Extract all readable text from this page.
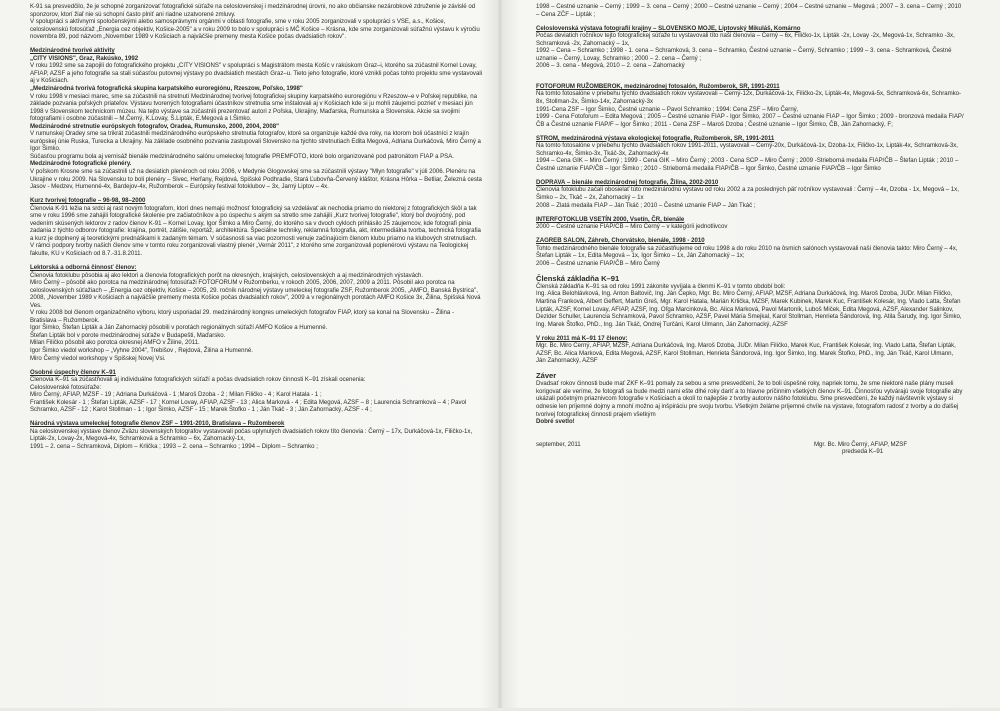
K-91 sa presvedčilo, že je schopné zorganizovať fotografické súťaže na celoslovenskej i medzinárodnej úrovni, no ako občianske nezárobkové združenie je závislé od sponzorov, ktorí žiaľ nie sú schopní často plniť ani riadne uzatvorené zmluvy.

V spolupráci s aktívnymi spoločenskými alebo samosprávnymi orgánmi v oblasti fotografie, sme v roku 2005 zorganizovali v spolupráci s VSE, a.s., Košice, celoslovenskú fotosúťaž „Energia cez objektív, Košice-2005" a v roku 2009 to bolo v spolupráci s MČ Košice – Krásna, kde sme zorganizovali súťažnú výstavu k výročiu novembra 89, pod názvom „November 1989 v Košiciach a najväčšie premeny mesta Košice počas dvadsiatich rokov".

Medzinárodné tvorivé aktivity

„CITY VISIONS", Graz, Rakúsko, 1992

V roku 1992 sme sa zapojili do fotografického projektu „CITY VISIONS" v spolupráci s Magistrátom mesta Košíc v rakúskom Graz–i, ktorého sa zúčastnil Kornel Lovay, AFIAP, AZSF a jeho fotografie sa stali súčasťou putovnej výstavy po dvadsiatich mestách Graz–u. Tieto jeho fotografie, ktoré vznikli počas tohto projektu sme vystavovali aj v Košiciach.

„Medzinárodná tvorivá fotografická skupina karpatského euroregiónu, Rzeszow, Poľsko, 1998"

V roku 1998 v mesiaci marec, sme sa zúčastnili na stretnutí Medzinárodnej tvorivej fotografickej skupiny karpatského euroregiónu v Rzeszow–e v Poľskej republike, na základe pozvania poľských priateľov. Výstavu tvorených fotografiami účastníkov stretnutia sme inštalovali aj v Košiciach kde si ju mohli záujemci pozrieť v mesiaci jún 1998 v Slovenskom technickom múzeu. Na tejto výstave sa zúčastnili prezentovať autori z Poľska, Ukrajiny, Maďarska, Rumunska a Slovenska. Akcie sa svojimi fotografiami i osobne zúčastnili – M.Černý, K.Lovay, Š.Lipták, E.Megová a I.Šimko.

Medzinárodné stretnutie európskych fotografov, Oradea, Rumunsko, 2000, 2004, 2008"

V rumunskej Oradey sme sa trikrát zúčastnili medzinárodného európskeho stretnutia fotografov, ktoré sa organizuje každé dva roky, na ktorom boli účastníci z krajín európskej únie Ruska, Turecka a Ukrajiny. Na základe osobného pozvania zastupovali Slovensko na týchto stretnutiach Edita Megová, Adriana Durkáčová, Miro Černý a Igor Šimko.

Súčasťou programu bola aj vernisáž bienále medzinárodného salónu umeleckej fotografie PREMFOTO, ktoré bolo organizované pod patronátom FIAP a PSA.

Medzinárodné fotografické plenéry.

V poľskom Krosne sme sa zúčastnili už na desiatich plenéroch od roku 2006, v Medynie Glogowskej sme sa zúčastnili výstavy "Mlyn fotografie" v júli 2006. Plenéru na Ukrajine v roku 2009. Na Slovensku to boli plenéry – Sivec, Herľany, Rejdová, Spišské Podhradie, Stará Ľubovňa-Červený kláštor, Krásna Hôrka – Betliar, Železná cesta Jasov - Medzev, Humenné-4x, Bardejov-4x, Ružomberok – Európsky festival fotoklubov – 3x, Jarný Liptov – 4x.

Kurz tvorivej fotografie – 96-98, 98–2000

Členovia K-91 ležia na srdci aj rast novým fotografom, ktorí dnes nemajú možnosť fotografický sa vzdelávať ak nechodia priamo do niektorej z fotografických škôl a tak sme v roku 1996 sme zahájili fotografické školenie pre začiatočníkov a po úspechu s akým sa stretlo sme zahájili „Kurz tvorivej fotografie", ktorý bol dvojročný, pod vedením skúsených lektorov z radov členov K-91 – Kornel Lovay, Igor Šimko a Miro Černý, do ktorého sa v dvoch cykloch prihlásilo 25 záujemcov, kde fotografi pinia zadania z týchto odborov fotografie: krajina, portrét, zátišie, reportáž, architektúra. Špeciálne techniky, reklamná fotografia, akt, intermediálna tvorba, technická fotografia a kurz je doplnený aj teoretickými prednáškami k zadaným témam. V súčasnosti sa viac pozornosti venuje začínajúcim členom klubu priamo na klubových stretnutiach.

V rámci podpory tvorby našich členov sme v tomto roku zorganizovali vlastný plenér „Vernár 2011", z ktorého sme zorganizovali poplenérovú výstavu na Teologickej fakulte, KU v Košiciach od 8.7.-31.8.2011.

Lektorská a odborná činnosť členov:

Členovia fotoklubu pôsobia aj ako lektori a členovia fotografických porôt na okresných, krajských, celoslovenských a aj medzinárodných výstavách.

Miro Černý – pôsobil ako porotca na medzinárodnej fotosúťaži FOTOFORUM v Ružomberku, v rokoch 2005, 2006, 2007, 2009 a 2011. Pôsobil ako porotca na celoslovenských súťažiach – „Energia cez objektív, Košice – 2005, 29. ročník národnej výstavy umeleckej fotografie ZSF, Ružomberok 2005, „AMFO, Banská Bystrica", 2008, „November 1989 v Košiciach a najväčšie premeny mesta Košice počas dvadsiatich rokov", 2009 a v regionálnych porotách AMFO Košice 3x, Žilina, Spišská Nová Ves.

V roku 2008 bol členom organizačného výboru, ktorý usporiadal 29. medzinárodný kongres umeleckých fotografov FIAP, ktorý sa konal na Slovensku – Žilina - Bratislava – Ružomberok.

Igor Šimko, Štefan Lipták a Ján Zahornacký pôsobili v porotách regionálnych súťaží AMFO Košice a Humenné.

Štefan Lipták bol v porote medzinárodnej súťaže v Budapešti, Maďarsko.

Milan Filičko pôsobil ako porotca okresnej AMFO v Žiline, 2011.

Igor Šimko viedol workshop – „Vyhne 2004", Trebišov , Rejdová, Žilina a Humenné.

Miro Černý viedol workshopy v Spišskej Novej Vsi.

Osobné úspechy členov K–91

Členovia K–91 sa zúčastňovali aj individuálne fotografických súťaží a počas dvadsiatich rokov činnosti K–91 získali ocenenia:

Celoslovenské fotosúťaže:

Miro Černý, AFIAP, MZSF - 19 ; Adriana Durkáčová - 1 ;Maroš Dzoba - 2 ; Milan Filičko - 4 ; Karol Hatala - 1 ;

František Kolesár - 1 ; Štefan Lipták, AZSF - 17 ; Kornel Lovay, AFIAP, AZSF - 13 ; Alica Marková - 4 ; Edita Megová, AZSF – 8 ; Laurencia Schramková – 4 ; Pavol Schramko, AZSF - 12 ; Karol Stollman - 1 ; Igor Šimko, AZSF - 15 ; Marek Štofko - 1 ; Ján Tkáč - 3 ; Ján Zahornacký, AZSF - 4 ;

Národná výstava umeleckej fotografie členov ZSF – 1991-2010, Bratislava – Ružomberok

Na celoslovenskej výstave členov Zväzu slovenských fotografov vystavovali počas uplynulých dvadsiatich rokov títo členovia : Černý – 17x, Durkáčová-1x, Filičko-1x, Lipták-2x, Lovay-2x, Megová-4x, Schramková a Schramko – 6x, Zahornacký-1x,

1991 – 2. cena – Schramková, Diplom – Krlička ; 1993 – 2. cena – Schramko ; 1994 – Diplom – Schramko ;

1998 – Čestné uznanie – Černý ; 1999 – 3. cena – Černý ; 2000 – Čestné uznanie – Černý ; 2004 – Čestné uznanie – Megová ; 2007 – 3. cena – Černý ; 2010 – Cena ZČF – Lipták ;

Celoslovenská výstava fotografií krajiny – SLOVENSKO MOJE, Liptovský Mikuláš, Komárno

Počas deviatich ročníkov tejto fotografickej súťaže tu vystavovali títo naši členovia – Černý – 6x, Filičko-1x, Lipták -2x, Lovay -2x, Megová-1x, Schramko -3x, Schramková -2x, Zahornacký – 1x,

1992 – Cena – Schramko ; 1998 - 1. cena – Schramková, 3. cena – Schramko, Čestné uznanie – Černý, Schramko ; 1999 – 3. cena - Schramková, Čestné uznanie – Černý, Lovay, Schramko ; 2000 – 2. cena – Černý ;

2006 – 3. cena - Megová, 2010 – 2. cena – Zahornacký

FOTOFORUM RUŽOMBEROK, medzinárodnej fotosalón, Ružomberok, SR, 1991-2011

Na tomto fotosalóne v priebehu týchto dvadsiatich rokov vystavovali – Černý-12x, Durkáčová-1x, Filičko-2x, Lipták-4x, Megová-5x, Schramková-6x, Schramko-8x, Stollman-2x, Šimko-14x, Zahornacký-3x

1991-Cena ZSF – Igor Šimko, Čestné uznanie – Pavol Schramko ; 1994: Cena ZSF – Miro Černý,

1999 - Cena Fotoforum – Edita Megová ; 2005 – Čestné uznanie FIAP - Igor Šimko, 2007 – Čestné uznanie FIAP – Igor Šimko ; 2009 - bronzová medaila FIAP/ČB a Čestné uznanie FIAP/F – Igor Šimko ; 2011 - Cena ZSF – Maroš Dzoba ; Čestné uznanie – Igor Šimko, ČB, Ján Zahornacký, F;

STROM, medzinárodná výstava ekologickej fotografie, Ružomberok, SR, 1991-2011

Na tomto fotosalóne v priebehu týchto dvadsiatich rokov 1991-2011, vystavovali – Černý-20x, Durkáčová-1x, Dzoba-1x, Filičko-1x, Lipták-4x, Schramková-3x, Schramko-4x, Šimko-3x, Tkáč-3x, Zahornacký-4x

1994 – Cena GIK – Miro Černý ; 1999 - Cena GIK – Miro Černý ; 2003 - Cena SCP – Miro Černý ; 2009 -Strieborná medaila FIAP/ČB – Štefan Lipták ; 2010 – Čestné uznanie FIAP/ČB – Igor Šimko ; 2010 - Strieborná medaila FIAP/ČB – Igor Šimko, Čestné uznanie FIAP/ČB – Igor Šimko

DOPRAVA – bienále medzinárodnej fotografie, Žilina, 2002-2010

Členovia fotoklubu začali obosielať túto medzinárodnú výstavu od roku 2002 a za posledných päť ročníkov vystavovali : Černý – 4x, Dzoba - 1x, Megová – 1x, Šimko – 2x, Tkáč – 2x, Zahornacký – 1x

2008 – Zlatá medaila FIAP – Ján Tkáč ; 2010 – Čestné uznanie FIAP – Ján Tkáč ;

INTERFOTOKLUB VSETÍN 2000, Vsetín, ČR, bienále

2000 – Čestné uznanie FIAP/ČB – Miro Černý – v kategórii jednotlivcov

ZAGREB SALON, Záhreb, Chorvátsko, bienále, 1998 - 2010

Tohto medzinárodného bienále fotografie sa zúčastňujeme od roku 1998 a do roku 2010 na ôsmich salónoch vystavovali naši členovia takto: Miro Černý – 4x, Štefan Lipták – 1x, Edita Megová – 1x, Igor Šimko – 1x, Ján Zahornacký – 1x;

2006 – Čestné uznanie FIAP/ČB – Miro Černý

Členská základňa K–91

Členská základňa K–91 sa od roku 1991 zákonite vyvíjala a členmi K–91 v tomto období boli:

Ing. Alica Belohlávková, Ing. Anton Baltovič, Ing. Ján Čepko, Mgr. Bc. Miro Černý, AFIAP, MZSF, Adriana Durkáčová, Ing. Maroš Dzoba, JUDr. Milan Filičko, Martina Franková, Albert Geffert, Martin Greš, Mgr. Karol Hatala, Marián Krlička, MZSF, Marek Kubinek, Marek Kuc, František Kolesár, Ing. Vlado Latta, Štefan Lipták, AZSF, Kornel Lovay, AFIAP, AZSF, Ing. Oľga Marcinková, Bc. Alica Marková, Pavol Martoník, Luboš Miček, Edita Megová, AZSF, Alexander Salinkov, Dezider Schuller, Laurencia Schramková, Pavol Schramko, AZSF, Pavel Mária Smejkal, Karol Stollman, Henrieta Šándorová, Ing. Atila Šarudy, Ing. Igor Šimko, Ing. Marek Štofko, PhD., Ing. Ján Tkáč, Ondrej Turčáni, Karol Ulmann, Ján Zahornacký, AZSF

V roku 2011 má K–91 17 členov:

Mgr. Bc. Miro Černý, AFIAP, MZSF, Adriana Durkáčová, Ing. Maroš Dzoba, JUDr. Milan Filičko, Marek Kuc, František Kolesár, Ing. Vlado Latta, Štefan Lipták, AZSF, Bc. Alica Marková, Edita Megová, AZSF, Karol Stollman, Henrieta Šándorová, Ing. Igor Šimko, Ing. Marek Štofko, PhD., Ing. Ján Tkáč, Karol Ulmann, Ján Zahornacký, AZSF

Záver

Dvadsať rokov činnosti bude mať ZKF K–91 pomaly za sebou a sme presvedčení, že to boli úspešné roky, napriek tomu, že sme niektoré naše plány museli korigovať ale veríme, že fotografi sa bude medzi nami ešte dlhé roky dariť a to hlavne príčinnim všetkých členov K–91. Činnosťou vytvárajú svoje fotografie aby ukázali početným priaznivcom fotografie v Košiciach a okolí to najlepšie z tvorby autorov nášho fotoklubu. Sme presvedčení, že každý návštevník výstavy si odnesie len príjemné dojmy a mnohí možno aj inšpiráciu pre svoju tvorbu. Všetkým želáme príjemné chvíle na výstave, fotografom radosť z tvorby a do ďalšej tvorivej fotografickej činnosti prajem všetkým

Dobré svetlo!

september, 2011	Mgr. Bc. Miro Černý, AFIAP, MZSF
predseda K–91
